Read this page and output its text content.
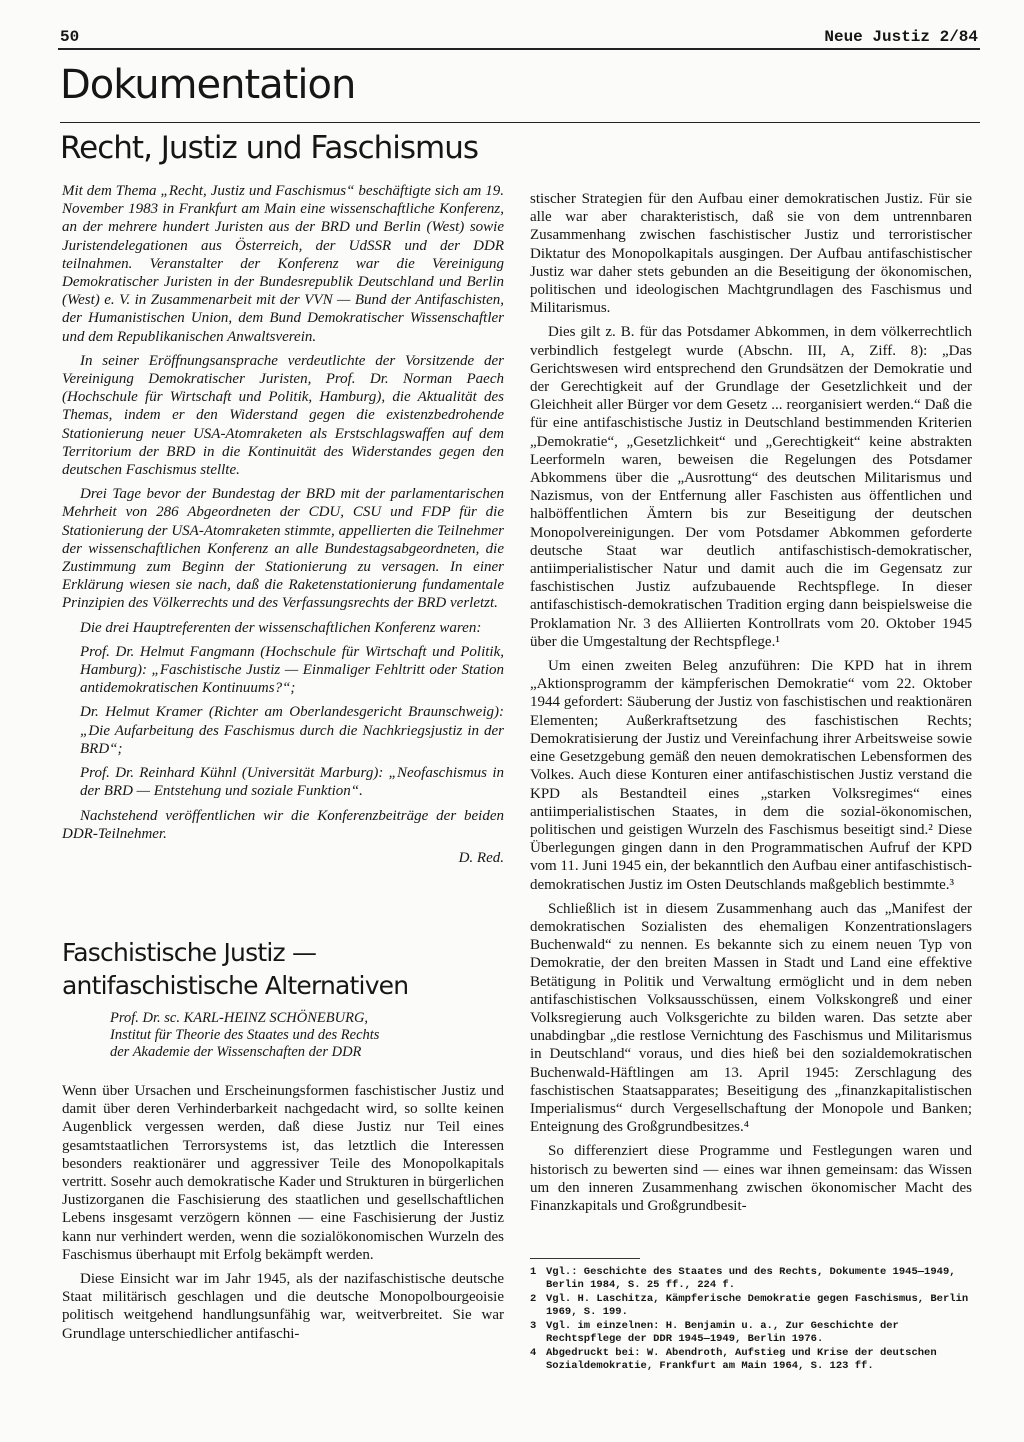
50	Neue Justiz 2/84
Dokumentation
Recht, Justiz und Faschismus

Mit dem Thema „Recht, Justiz und Faschismus“ beschäftigte sich am 19. November 1983 in Frankfurt am Main eine wissenschaftliche Konferenz, an der mehrere hundert Juristen aus der BRD und Berlin (West) sowie Juristendelegationen aus Österreich, der UdSSR und der DDR teilnahmen. Veranstalter der Konferenz war die Vereinigung Demokratischer Juristen in der Bundesrepublik Deutschland und Berlin (West) e. V. in Zusammenarbeit mit der VVN — Bund der Antifaschisten, der Humanistischen Union, dem Bund Demokratischer Wissenschaftler und dem Republikanischen Anwaltsverein.

In seiner Eröffnungsansprache verdeutlichte der Vorsitzende der Vereinigung Demokratischer Juristen, Prof. Dr. Norman Paech (Hochschule für Wirtschaft und Politik, Hamburg), die Aktualität des Themas, indem er den Widerstand gegen die existenzbedrohende Stationierung neuer USA-Atomraketen als Erstschlagswaffen auf dem Territorium der BRD in die Kontinuität des Widerstandes gegen den deutschen Faschismus stellte.

Drei Tage bevor der Bundestag der BRD mit der parlamentarischen Mehrheit von 286 Abgeordneten der CDU, CSU und FDP für die Stationierung der USA-Atomraketen stimmte, appellierten die Teilnehmer der wissenschaftlichen Konferenz an alle Bundestagsabgeordneten, die Zustimmung zum Beginn der Stationierung zu versagen. In einer Erklärung wiesen sie nach, daß die Raketenstationierung fundamentale Prinzipien des Völkerrechts und des Verfassungsrechts der BRD verletzt.

Die drei Hauptreferenten der wissenschaftlichen Konferenz waren:

Prof. Dr. Helmut Fangmann (Hochschule für Wirtschaft und Politik, Hamburg): „Faschistische Justiz — Einmaliger Fehltritt oder Station antidemokratischen Kontinuums?“;

Dr. Helmut Kramer (Richter am Oberlandesgericht Braunschweig): „Die Aufarbeitung des Faschismus durch die Nachkriegsjustiz in der BRD“;

Prof. Dr. Reinhard Kühnl (Universität Marburg): „Neofaschismus in der BRD — Entstehung und soziale Funktion“.

Nachstehend veröffentlichen wir die Konferenzbeiträge der beiden DDR-Teilnehmer.

D. Red.
Faschistische Justiz —
antifaschistische Alternativen
Prof. Dr. sc. KARL-HEINZ SCHÖNEBURG,
Institut für Theorie des Staates und des Rechts
der Akademie der Wissenschaften der DDR

Wenn über Ursachen und Erscheinungsformen faschistischer Justiz und damit über deren Verhinderbarkeit nachgedacht wird, so sollte keinen Augenblick vergessen werden, daß diese Justiz nur Teil eines gesamtstaatlichen Terrorsystems ist, das letztlich die Interessen besonders reaktionärer und aggressiver Teile des Monopolkapitals vertritt. Sosehr auch demokratische Kader und Strukturen in bürgerlichen Justizorganen die Faschisierung des staatlichen und gesellschaftlichen Lebens insgesamt verzögern können — eine Faschisierung der Justiz kann nur verhindert werden, wenn die sozialökonomischen Wurzeln des Faschismus überhaupt mit Erfolg bekämpft werden.

Diese Einsicht war im Jahr 1945, als der nazifaschistische deutsche Staat militärisch geschlagen und die deutsche Monopolbourgeoisie politisch weitgehend handlungsunfähig war, weitverbreitet. Sie war Grundlage unterschiedlicher antifaschi-

stischer Strategien für den Aufbau einer demokratischen Justiz. Für sie alle war aber charakteristisch, daß sie von dem untrennbaren Zusammenhang zwischen faschistischer Justiz und terroristischer Diktatur des Monopolkapitals ausgingen. Der Aufbau antifaschistischer Justiz war daher stets gebunden an die Beseitigung der ökonomischen, politischen und ideologischen Machtgrundlagen des Faschismus und Militarismus.

Dies gilt z. B. für das Potsdamer Abkommen, in dem völkerrechtlich verbindlich festgelegt wurde (Abschn. III, A, Ziff. 8): „Das Gerichtswesen wird entsprechend den Grundsätzen der Demokratie und der Gerechtigkeit auf der Grundlage der Gesetzlichkeit und der Gleichheit aller Bürger vor dem Gesetz ... reorganisiert werden.“ Daß die für eine antifaschistische Justiz in Deutschland bestimmenden Kriterien „Demokratie“, „Gesetzlichkeit“ und „Gerechtigkeit“ keine abstrakten Leerformeln waren, beweisen die Regelungen des Potsdamer Abkommens über die „Ausrottung“ des deutschen Militarismus und Nazismus, von der Entfernung aller Faschisten aus öffentlichen und halböffentlichen Ämtern bis zur Beseitigung der deutschen Monopolvereinigungen. Der vom Potsdamer Abkommen geforderte deutsche Staat war deutlich antifaschistisch-demokratischer, antiimperialistischer Natur und damit auch die im Gegensatz zur faschistischen Justiz aufzubauende Rechtspflege. In dieser antifaschistisch-demokratischen Tradition erging dann beispielsweise die Proklamation Nr. 3 des Alliierten Kontrollrats vom 20. Oktober 1945 über die Umgestaltung der Rechtspflege.¹

Um einen zweiten Beleg anzuführen: Die KPD hat in ihrem „Aktionsprogramm der kämpferischen Demokratie“ vom 22. Oktober 1944 gefordert: Säuberung der Justiz von faschistischen und reaktionären Elementen; Außerkraftsetzung des faschistischen Rechts; Demokratisierung der Justiz und Vereinfachung ihrer Arbeitsweise sowie eine Gesetzgebung gemäß den neuen demokratischen Lebensformen des Volkes. Auch diese Konturen einer antifaschistischen Justiz verstand die KPD als Bestandteil eines „starken Volksregimes“ eines antiimperialistischen Staates, in dem die sozial-ökonomischen, politischen und geistigen Wurzeln des Faschismus beseitigt sind.² Diese Überlegungen gingen dann in den Programmatischen Aufruf der KPD vom 11. Juni 1945 ein, der bekanntlich den Aufbau einer antifaschistisch-demokratischen Justiz im Osten Deutschlands maßgeblich bestimmte.³

Schließlich ist in diesem Zusammenhang auch das „Manifest der demokratischen Sozialisten des ehemaligen Konzentrationslagers Buchenwald“ zu nennen. Es bekannte sich zu einem neuen Typ von Demokratie, der den breiten Massen in Stadt und Land eine effektive Betätigung in Politik und Verwaltung ermöglicht und in dem neben antifaschistischen Volksausschüssen, einem Volkskongreß und einer Volksregierung auch Volksgerichte zu bilden waren. Das setzte aber unabdingbar „die restlose Vernichtung des Faschismus und Militarismus in Deutschland“ voraus, und dies hieß bei den sozialdemokratischen Buchenwald-Häftlingen am 13. April 1945: Zerschlagung des faschistischen Staatsapparates; Beseitigung des „finanzkapitalistischen Imperialismus“ durch Vergesellschaftung der Monopole und Banken; Enteignung des Großgrundbesitzes.⁴

So differenziert diese Programme und Festlegungen waren und historisch zu bewerten sind — eines war ihnen gemeinsam: das Wissen um den inneren Zusammenhang zwischen ökonomischer Macht des Finanzkapitals und Großgrundbesit-

1 Vgl.: Geschichte des Staates und des Rechts, Dokumente 1945—1949, Berlin 1984, S. 25 ff., 224 f.
2 Vgl. H. Laschitza, Kämpferische Demokratie gegen Faschismus, Berlin 1969, S. 199.
3 Vgl. im einzelnen: H. Benjamin u. a., Zur Geschichte der Rechtspflege der DDR 1945—1949, Berlin 1976.
4 Abgedruckt bei: W. Abendroth, Aufstieg und Krise der deutschen Sozialdemokratie, Frankfurt am Main 1964, S. 123 ff.
